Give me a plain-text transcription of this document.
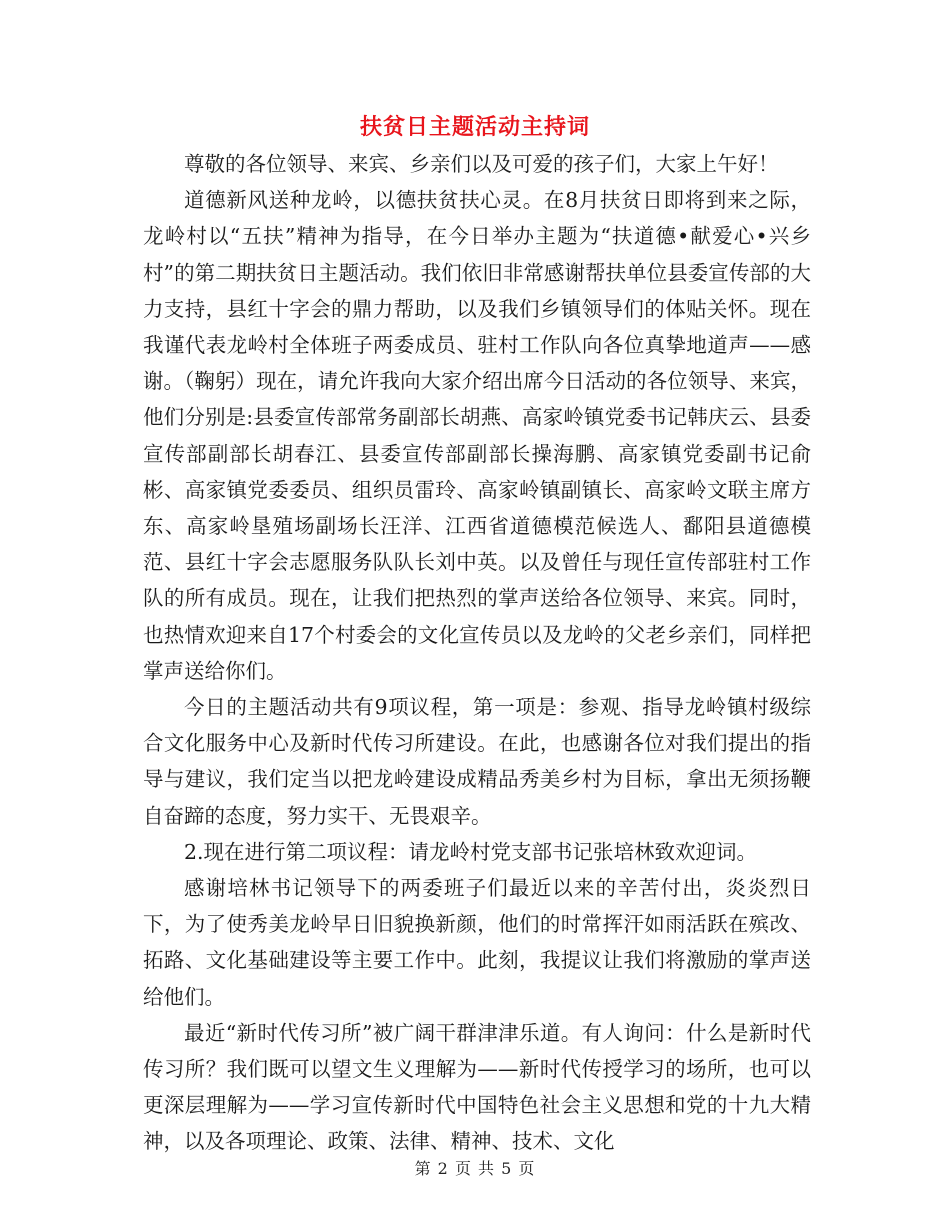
扶贫日主题活动主持词

尊敬的各位领导、来宾、乡亲们以及可爱的孩子们，大家上午好！

道德新风送种龙岭，以德扶贫扶心灵。在8月扶贫日即将到来之际，龙岭村以“五扶”精神为指导，在今日举办主题为“扶道德•献爱心•兴乡村”的第二期扶贫日主题活动。我们依旧非常感谢帮扶单位县委宣传部的大力支持，县红十字会的鼎力帮助，以及我们乡镇领导们的体贴关怀。现在我谨代表龙岭村全体班子两委成员、驻村工作队向各位真挚地道声——感谢。（鞠躬）现在，请允许我向大家介绍出席今日活动的各位领导、来宾，他们分别是:县委宣传部常务副部长胡燕、高家岭镇党委书记韩庆云、县委宣传部副部长胡春江、县委宣传部副部长操海鹏、高家镇党委副书记俞彬、高家镇党委委员、组织员雷玲、高家岭镇副镇长、高家岭文联主席方东、高家岭垦殖场副场长汪洋、江西省道德模范候选人、鄱阳县道德模范、县红十字会志愿服务队队长刘中英。以及曾任与现任宣传部驻村工作队的所有成员。现在，让我们把热烈的掌声送给各位领导、来宾。同时，也热情欢迎来自17个村委会的文化宣传员以及龙岭的父老乡亲们，同样把掌声送给你们。

今日的主题活动共有9项议程，第一项是：参观、指导龙岭镇村级综合文化服务中心及新时代传习所建设。在此，也感谢各位对我们提出的指导与建议，我们定当以把龙岭建设成精品秀美乡村为目标，拿出无须扬鞭自奋蹄的态度，努力实干、无畏艰辛。

2.现在进行第二项议程：请龙岭村党支部书记张培林致欢迎词。

感谢培林书记领导下的两委班子们最近以来的辛苦付出，炎炎烈日下，为了使秀美龙岭早日旧貌换新颜，他们的时常挥汗如雨活跃在殡改、拓路、文化基础建设等主要工作中。此刻，我提议让我们将激励的掌声送给他们。

最近“新时代传习所”被广阔干群津津乐道。有人询问：什么是新时代传习所？我们既可以望文生义理解为——新时代传授学习的场所，也可以更深层理解为——学习宣传新时代中国特色社会主义思想和党的十九大精神，以及各项理论、政策、法律、精神、技术、文化

第 2 页 共 5 页
